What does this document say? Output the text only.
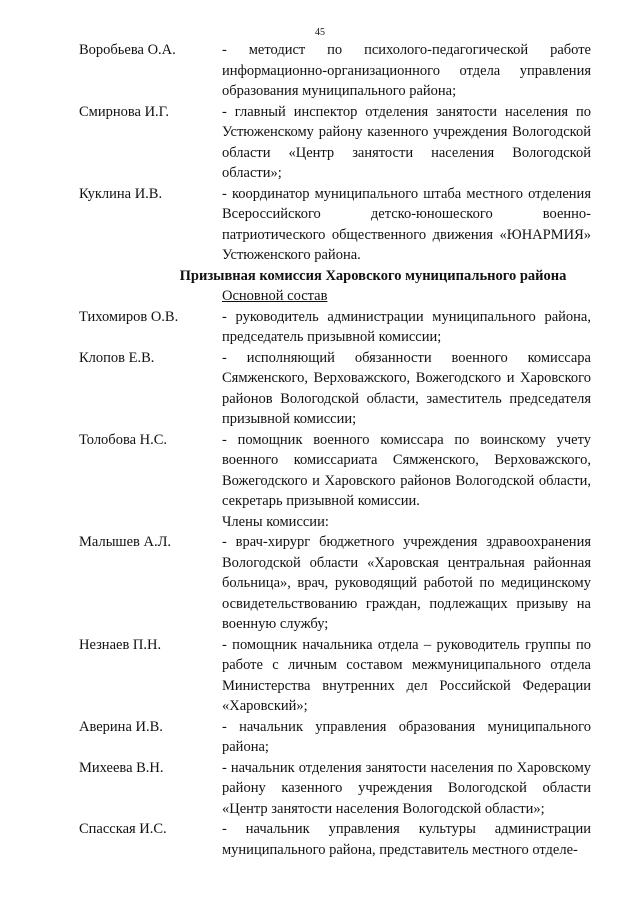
45
Воробьева О.А.	- методист по психолого-педагогической работе информационно-организационного отдела управления образования муниципального района;
Смирнова И.Г.	- главный инспектор отделения занятости населения по Устюженскому району казенного учреждения Вологодской области «Центр занятости населения Вологодской области»;
Куклина И.В.	- координатор муниципального штаба местного отделения Всероссийского детско-юношеского военно-патриотического общественного движения «ЮНАРМИЯ» Устюженского района.
Призывная комиссия Харовского муниципального района
Основной состав
Тихомиров О.В.	- руководитель администрации муниципального района, председатель призывной комиссии;
Клопов Е.В.	- исполняющий обязанности военного комиссара Сямженского, Верховажского, Вожегодского и Харовского районов Вологодской области, заместитель председателя призывной комиссии;
Толобова Н.С.	- помощник военного комиссара по воинскому учету военного комиссариата Сямженского, Верховажского, Вожегодского и Харовского районов Вологодской области, секретарь призывной комиссии.
Члены комиссии:
Малышев А.Л.	- врач-хирург бюджетного учреждения здравоохранения Вологодской области «Харовская центральная районная больница», врач, руководящий работой по медицинскому освидетельствованию граждан, подлежащих призыву на военную службу;
Незнаев П.Н.	- помощник начальника отдела – руководитель группы по работе с личным составом межмуниципального отдела Министерства внутренних дел Российской Федерации «Харовский»;
Аверина И.В.	- начальник управления образования муниципального района;
Михеева В.Н.	- начальник отделения занятости населения по Харовскому району казенного учреждения Вологодской области «Центр занятости населения Вологодской области»;
Спасская И.С.	- начальник управления культуры администрации муниципального района, представитель местного отделе-
